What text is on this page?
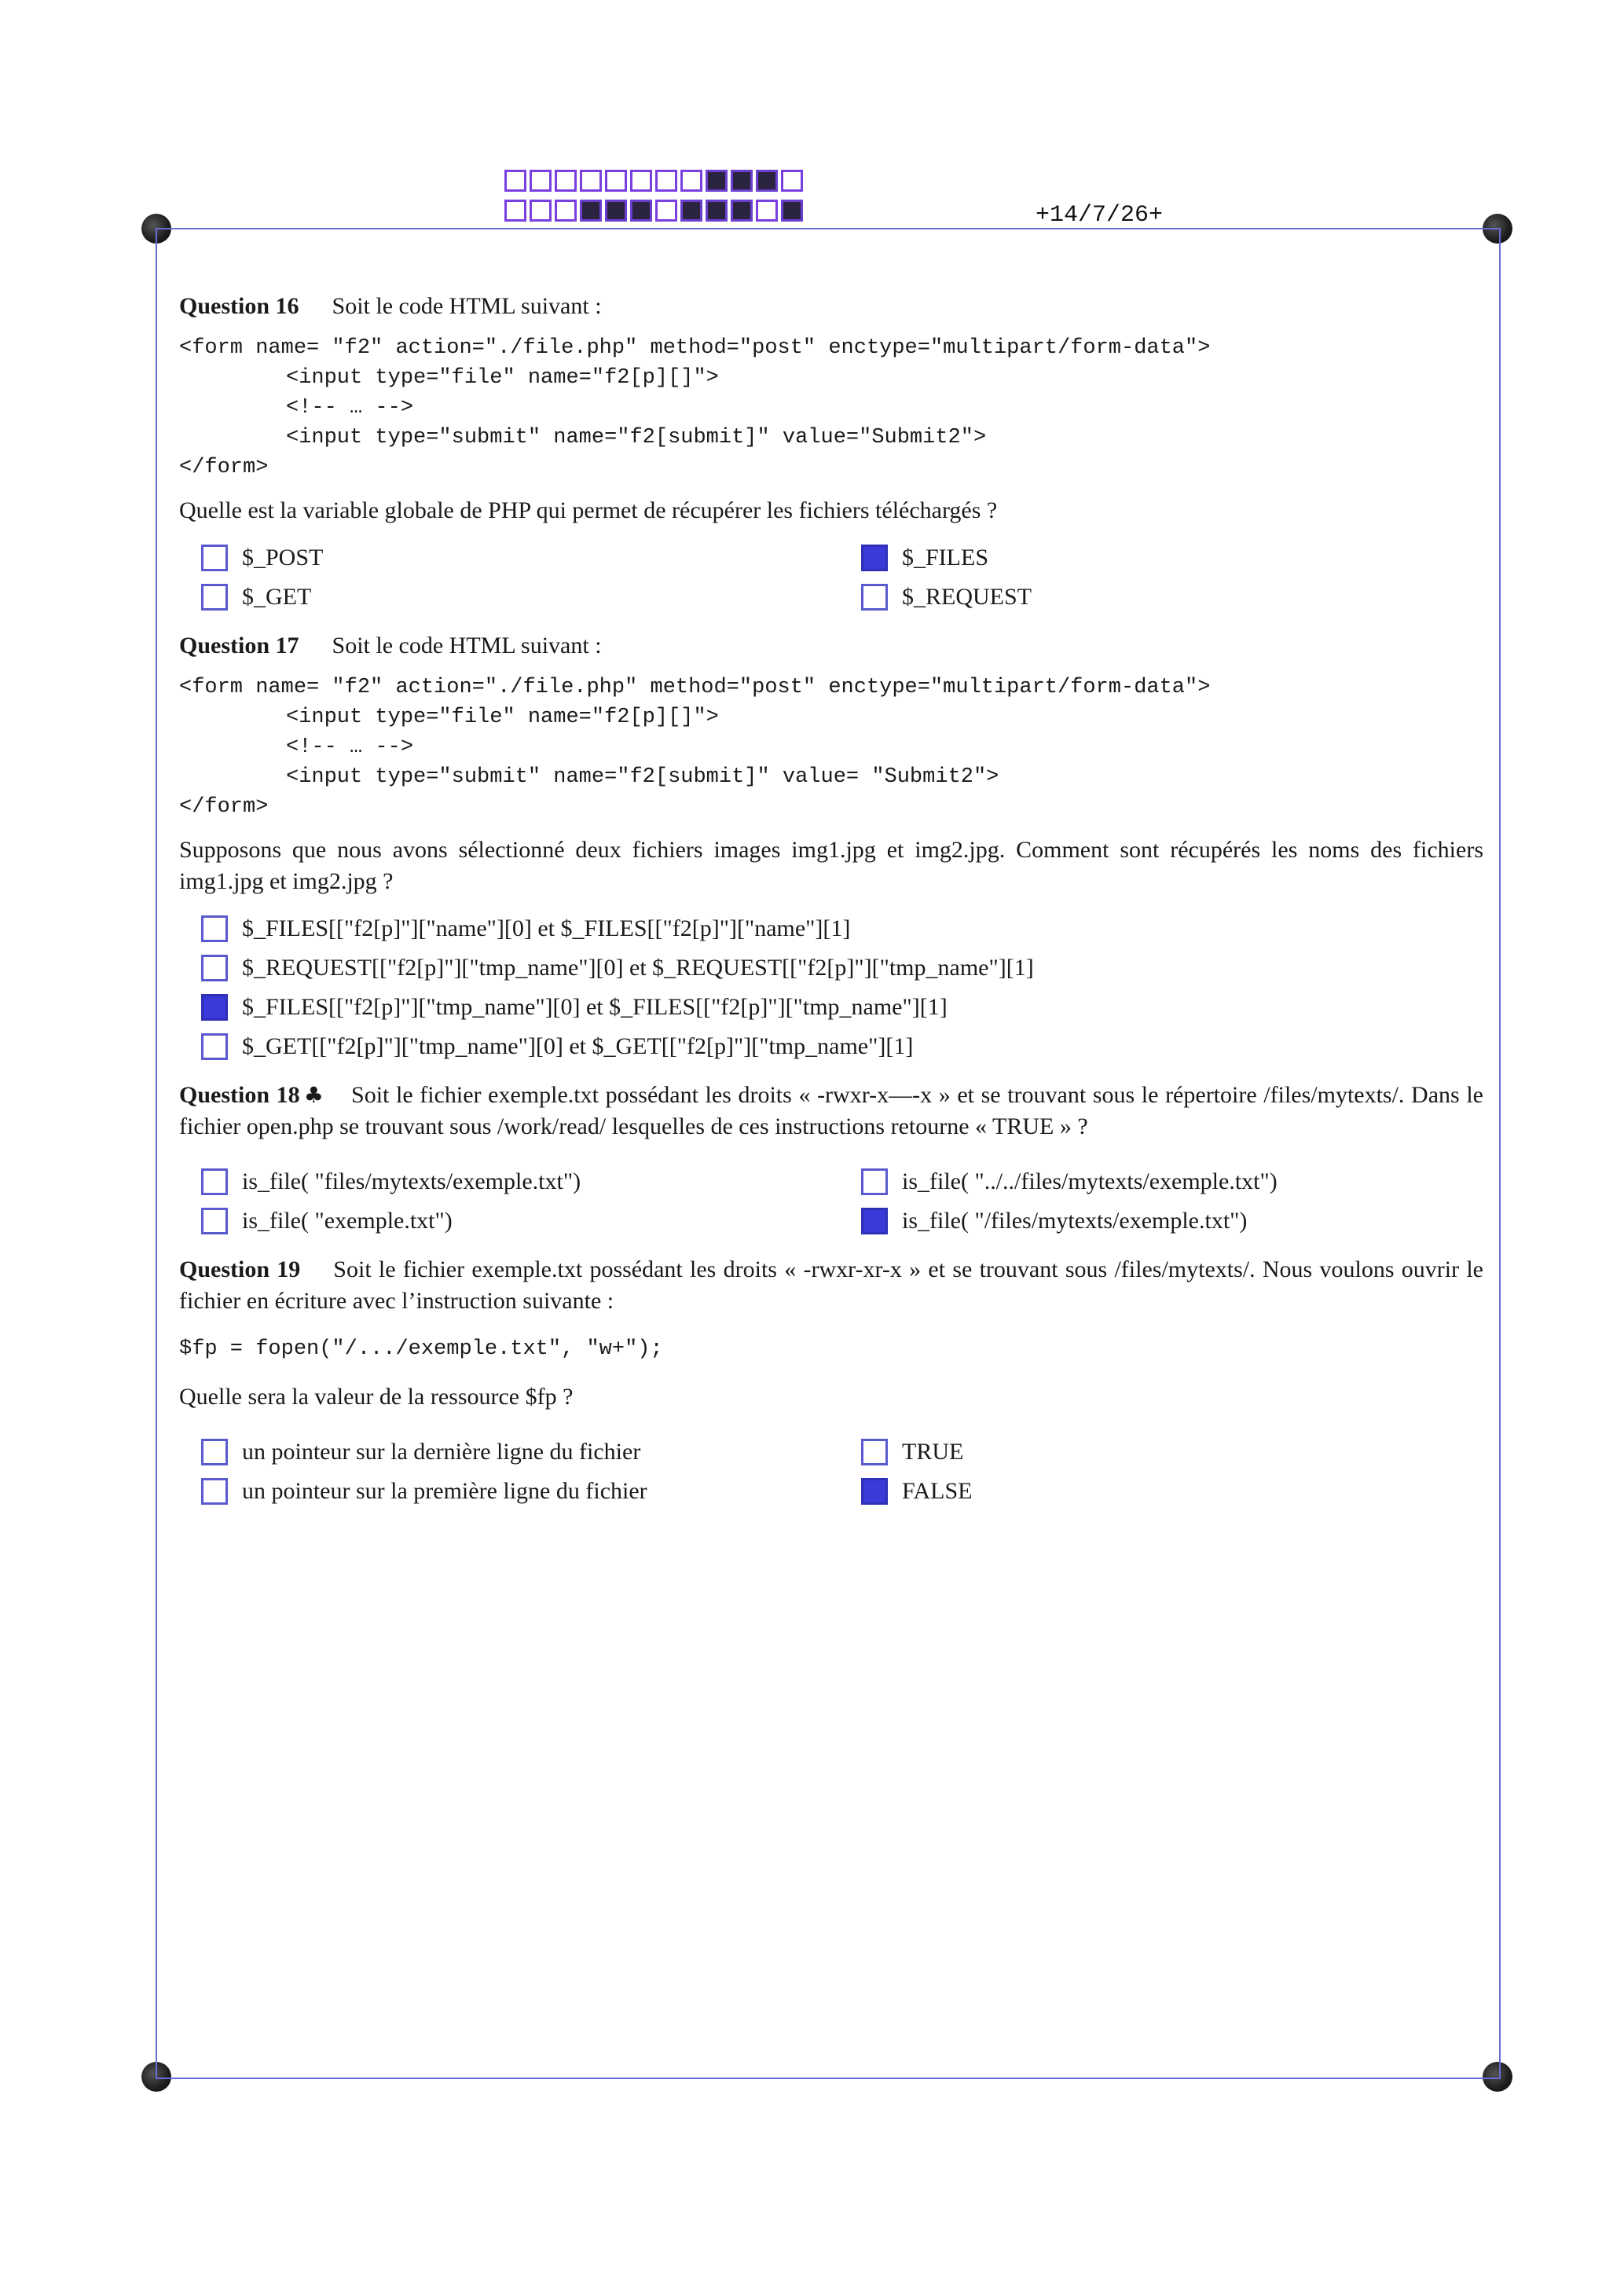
+14/7/26+

Question 16 Soit le code HTML suivant :

<form name= "f2" action="./file.php" method="post" enctype="multipart/form-data">
<input type="file" name="f2[p][]">
<!-- … -->
<input type="submit" name="f2[submit]" value="Submit2">
</form>

Quelle est la variable globale de PHP qui permet de récupérer les fichiers téléchargés ?

$_POST	$_FILES
$_GET	$_REQUEST

Question 17 Soit le code HTML suivant :

<form name= "f2" action="./file.php" method="post" enctype="multipart/form-data">
<input type="file" name="f2[p][]">
<!-- … -->
<input type="submit" name="f2[submit]" value= "Submit2">
</form>

Supposons que nous avons sélectionné deux fichiers images img1.jpg et img2.jpg. Comment sont récupérés les noms des fichiers img1.jpg et img2.jpg ?

$_FILES[["f2[p]"]["name"][0] et $_FILES[["f2[p]"]["name"][1]
$_REQUEST[["f2[p]"]["tmp_name"][0] et $_REQUEST[["f2[p]"]["tmp_name"][1]
$_FILES[["f2[p]"]["tmp_name"][0] et $_FILES[["f2[p]"]["tmp_name"][1]
$_GET[["f2[p]"]["tmp_name"][0] et $_GET[["f2[p]"]["tmp_name"][1]

Question 18 ♣ Soit le fichier exemple.txt possédant les droits « -rwxr-x—-x » et se trouvant sous le répertoire /files/mytexts/. Dans le fichier open.php se trouvant sous /work/read/ lesquelles de ces instructions retourne « TRUE » ?

is_file( "files/mytexts/exemple.txt")	is_file( "../../files/mytexts/exemple.txt")
is_file( "exemple.txt")	is_file( "/files/mytexts/exemple.txt")

Question 19 Soit le fichier exemple.txt possédant les droits « -rwxr-xr-x » et se trouvant sous /files/mytexts/. Nous voulons ouvrir le fichier en écriture avec l’instruction suivante :

$fp = fopen("/.../exemple.txt", "w+");

Quelle sera la valeur de la ressource $fp ?

un pointeur sur la dernière ligne du fichier	TRUE
un pointeur sur la première ligne du fichier	FALSE
